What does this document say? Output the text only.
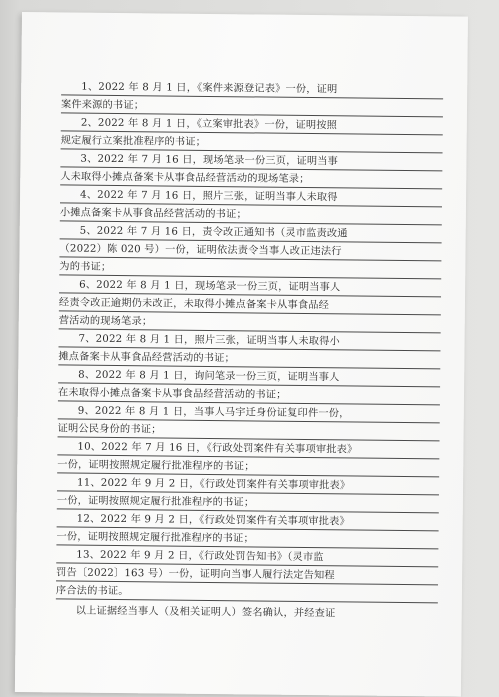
1、2022 年 8 月 1 日，《案件来源登记表》一份，证明
案件来源的书证；
2、2022 年 8 月 1 日，《立案审批表》一份，证明按照
规定履行立案批准程序的书证；
3、2022 年 7 月 16 日，现场笔录一份三页，证明当事
人未取得小摊点备案卡从事食品经营活动的现场笔录；
4、2022 年 7 月 16 日，照片三张，证明当事人未取得
小摊点备案卡从事食品经营活动的书证；
5、2022 年 7 月 16 日，责令改正通知书（灵市监责改通
（2022）陈 020 号）一份，证明依法责令当事人改正违法行
为的书证；
6、2022 年 8 月 1 日，现场笔录一份三页，证明当事人
经责令改正逾期仍未改正，未取得小摊点备案卡从事食品经
营活动的现场笔录；
7、2022 年 8 月 1 日，照片三张，证明当事人未取得小
摊点备案卡从事食品经营活动的书证；
8、2022 年 8 月 1 日，询问笔录一份三页，证明当事人
在未取得小摊点备案卡从事食品经营活动的书证；
9、2022 年 8 月 1 日，当事人马宇迁身份证复印件一份，
证明公民身份的书证；
10、2022 年 7 月 16 日，《行政处罚案件有关事项审批表》
一份，证明按照规定履行批准程序的书证；
11、2022 年 9 月 2 日，《行政处罚案件有关事项审批表》
一份，证明按照规定履行批准程序的书证；
12、2022 年 9 月 2 日，《行政处罚案件有关事项审批表》
一份，证明按照规定履行批准程序的书证；
13、2022 年 9 月 2 日，《行政处罚告知书》（灵市监
罚告〔2022〕163 号）一份，证明向当事人履行法定告知程
序合法的书证。
以上证据经当事人（及相关证明人）签名确认，并经查证
